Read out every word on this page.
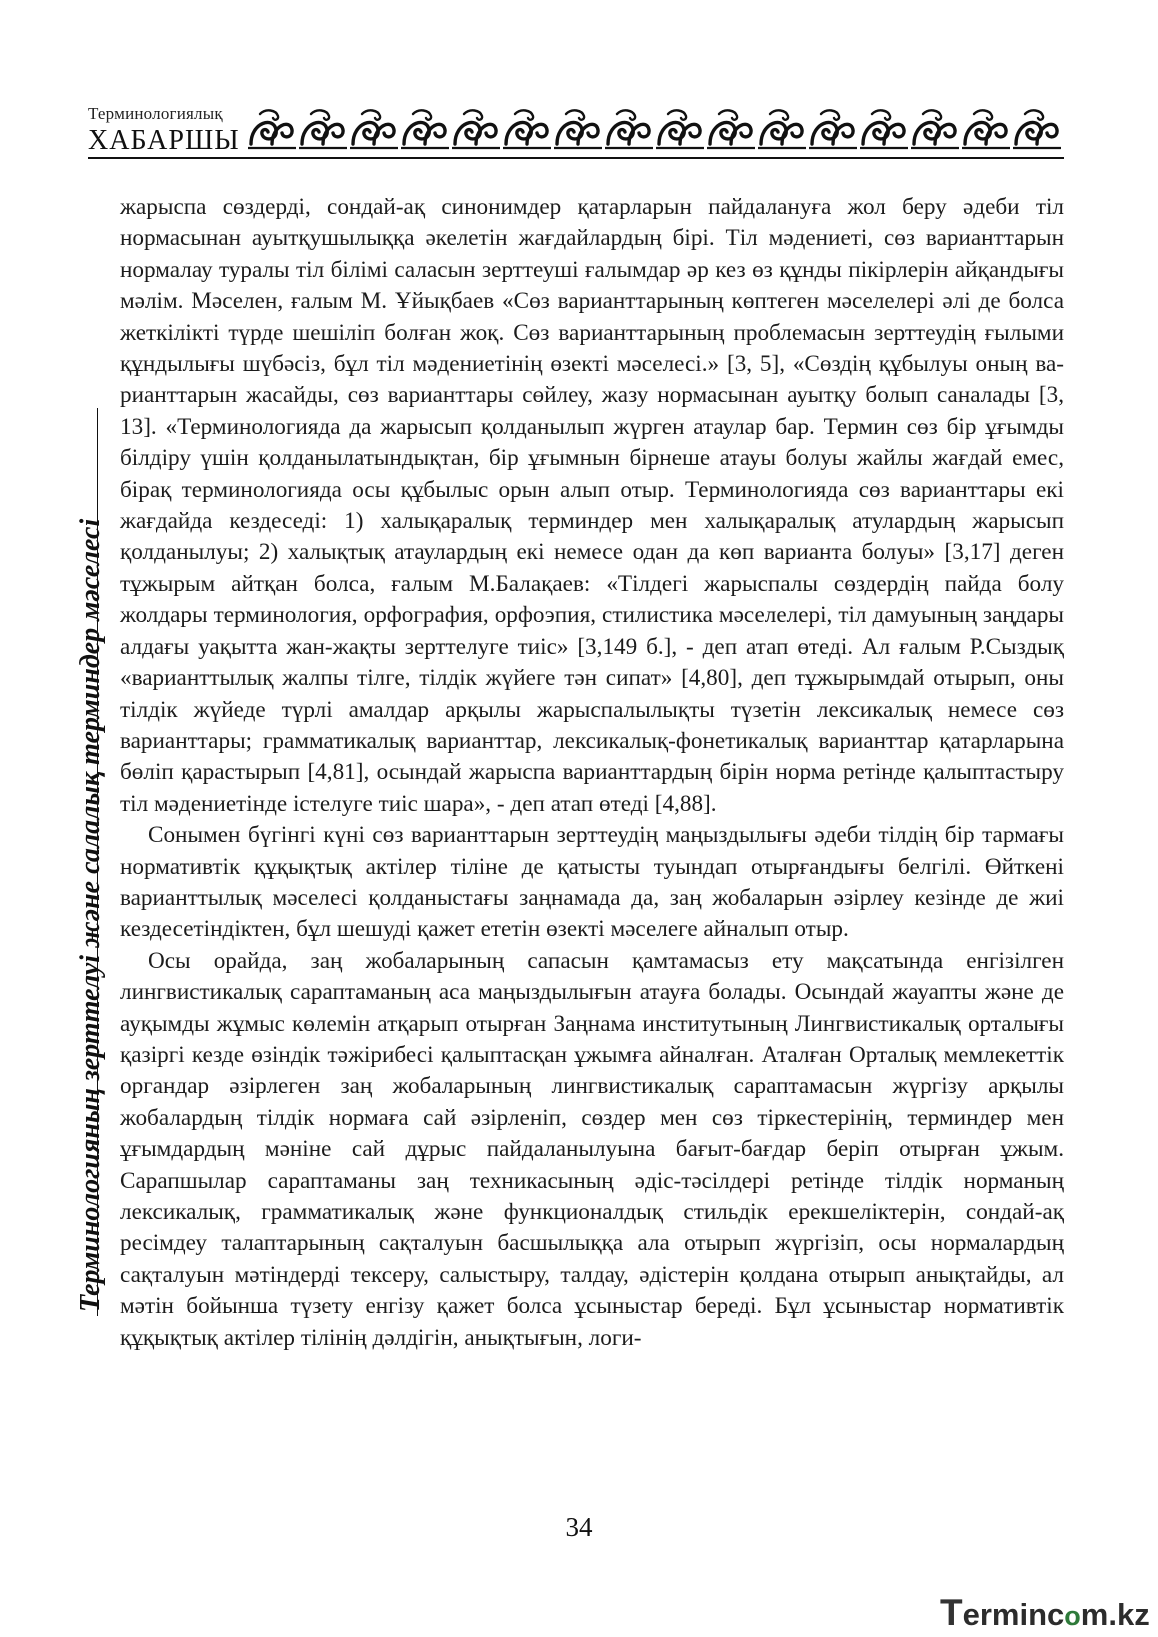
Терминологиялық
ХАБАРШЫ
Терминологияның зерттелуі және салалық терминдер мәселесі

жарыспа сөздерді, сондай-ақ синонимдер қатарларын пайдалануға жол беру әдеби тіл нормасынан ауытқушылыққа әкелетін жағдайлардың бірі. Тіл мәдениеті, сөз варианттарын нормалау туралы тіл білімі саласын зерттеуші ғалымдар әр кез өз құнды пікірлерін айқандығы мәлім. Мәселен, ғалым М. Ұйықбаев «Сөз варианттарының көптеген мәселелері әлі де болса жеткілікті түрде шешіліп болған жоқ. Сөз варианттарының проблемасын зерттеудің ғылыми құндылығы шүбәсіз, бұл тіл мәдениетінің өзекті мәселесі.» [3, 5], «Сөздің құбылуы оның варианттарын жасайды, сөз варианттары сөйлеу, жазу нормасынан ауытқу болып саналады [3, 13]. «Терминологияда да жарысып қолданылып жүрген атаулар бар. Термин сөз бір ұғымды білдіру үшін қолданылатындықтан, бір ұғымнын бірнеше атауы болуы жайлы жағдай емес, бірақ терминологияда осы құбылыс орын алып отыр. Терминологияда сөз варианттары екі жағдайда кездеседі: 1) халықаралық терминдер мен халықаралық атулардың жарысып қолданылуы; 2) халықтық атаулардың екі немесе одан да көп варианта болуы» [3,17] деген тұжырым айтқан болса, ғалым М.Балақаев: «Тілдегі жарыспалы сөздердің пайда болу жолдары терминология, орфография, орфоэпия, стилистика мәселелері, тіл дамуының заңдары алдағы уақытта жан-жақты зерттелуге тиіс» [3,149 б.], - деп атап өтеді. Ал ғалым Р.Сыздық «варианттылық жалпы тілге, тілдік жүйеге тән сипат» [4,80], деп тұжырымдай отырып, оны тілдік жүйеде түрлі амалдар арқылы жарыспалылықты түзетін лексикалық немесе сөз варианттары; грамматикалық варианттар, лексикалық-фонетикалық варианттар қатарларына бөліп қарастырып [4,81], осындай жарыспа варианттардың бірін норма ретінде қалыптастыру тіл мәдениетінде істелуге тиіс шара», - деп атап өтеді [4,88].

Сонымен бүгінгі күні сөз варианттарын зерттеудің маңыздылығы әдеби тілдің бір тармағы нормативтік құқықтық актілер тіліне де қатысты туындап отырғандығы белгілі. Өйткені варианттылық мәселесі қолданыстағы заңнамада да, заң жобаларын әзірлеу кезінде де жиі кездесетіндіктен, бұл шешуді қажет ететін өзекті мәселеге айналып отыр.

Осы орайда, заң жобаларының сапасын қамтамасыз ету мақсатында енгізілген лингвистикалық сараптаманың аса маңыздылығын атауға болады. Осындай жауапты және де ауқымды жұмыс көлемін атқарып отырған Заңнама институтының Лингвистикалық орталығы қазіргі кезде өзіндік тәжірибесі қалыптасқан ұжымға айналған. Аталған Орталық мемлекеттік органдар әзірлеген заң жобаларының лингвистикалық сараптамасын жүргізу арқылы жобалардың тілдік нормаға сай әзірленіп, сөздер мен сөз тіркестерінің, терминдер мен ұғымдардың мәніне сай дұрыс пайдаланылуына бағыт-бағдар беріп отырған ұжым. Сарапшылар сараптаманы заң техникасының әдіс-тәсілдері ретінде тілдік норманың лексикалық, грамматикалық және функционалдық стильдік ерекшеліктерін, сондай-ақ ресімдеу талаптарының сақталуын басшылыққа ала отырып жүргізіп, осы нормалардың сақталуын мәтіндерді тексеру, салыстыру, талдау, әдістерін қолдана отырып анықтайды, ал мәтін бойынша түзету енгізу қажет болса ұсыныстар береді. Бұл ұсыныстар нормативтік құқықтық актілер тілінің дәлдігін, анықтығын, логи-

34
Termincom.kz
